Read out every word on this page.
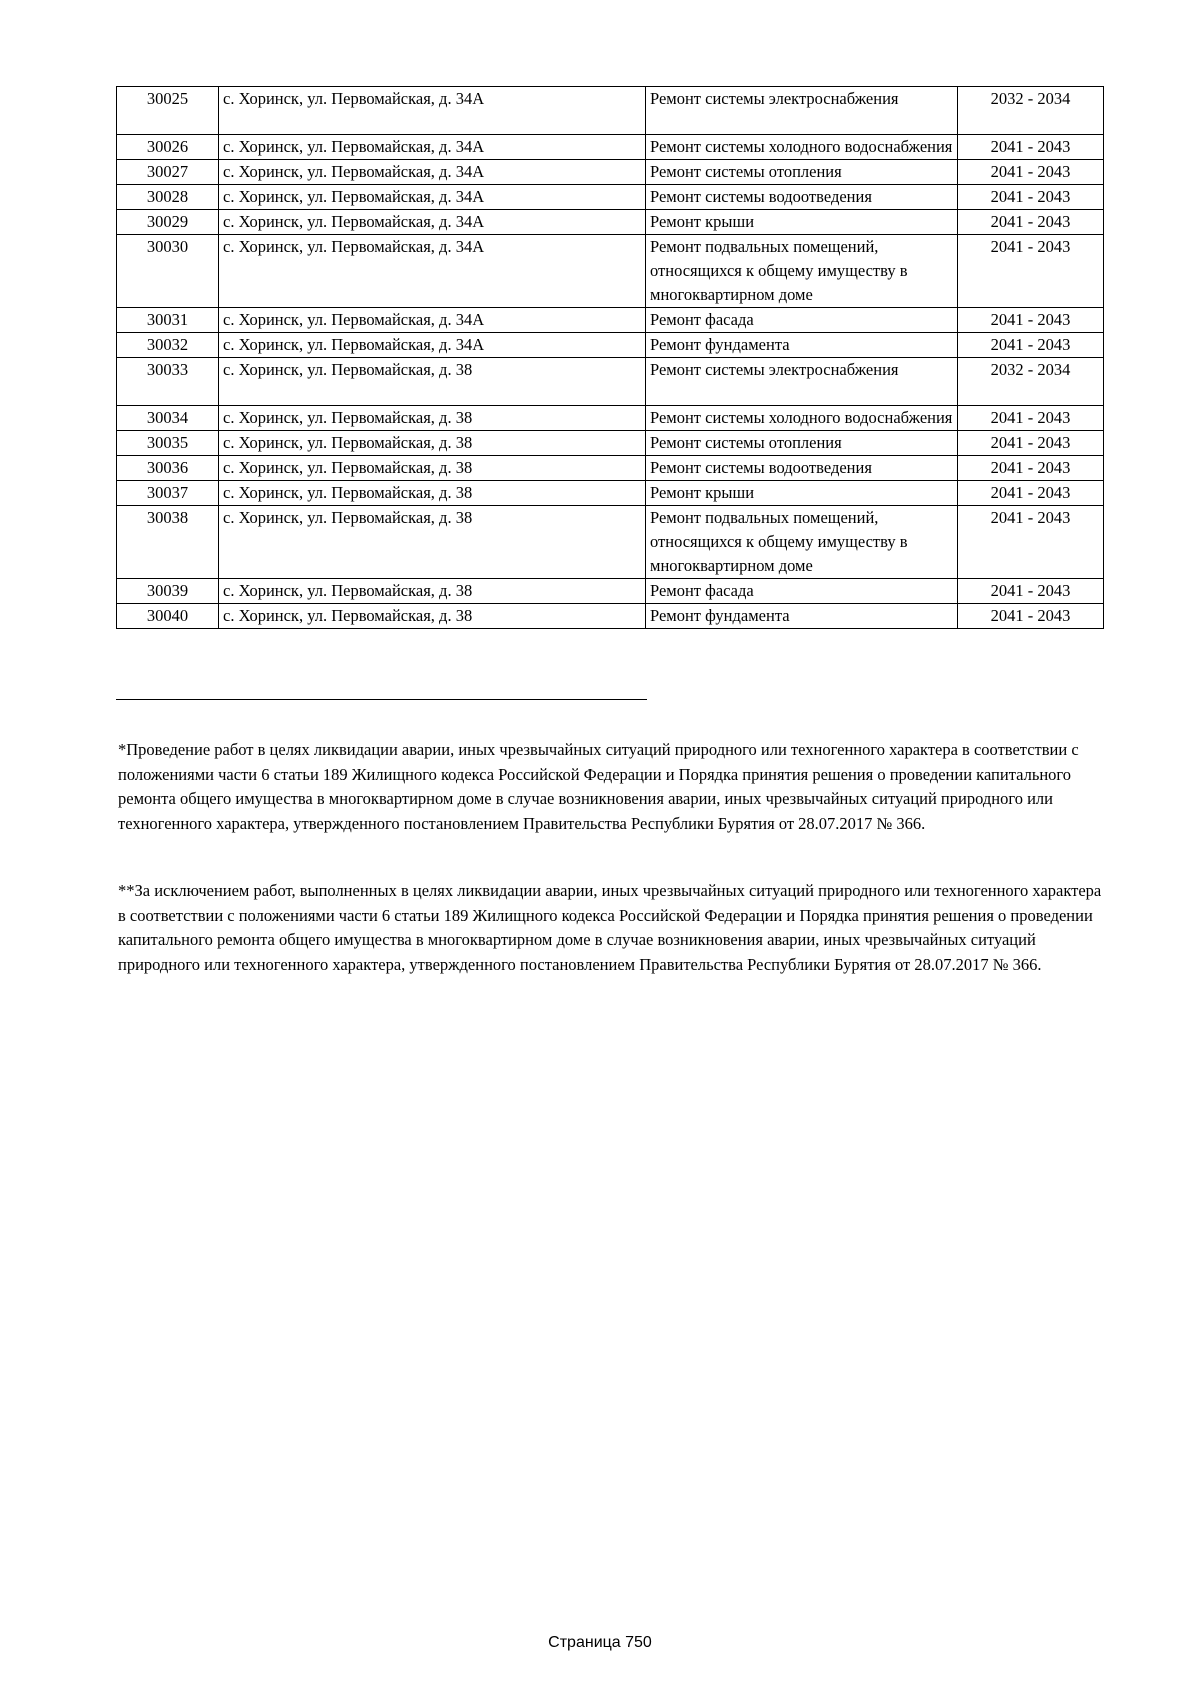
30025	с. Хоринск, ул. Первомайская, д. 34А	Ремонт системы электроснабжения	2032 - 2034
30026	с. Хоринск, ул. Первомайская, д. 34А	Ремонт системы холодного водоснабжения	2041 - 2043
30027	с. Хоринск, ул. Первомайская, д. 34А	Ремонт системы отопления	2041 - 2043
30028	с. Хоринск, ул. Первомайская, д. 34А	Ремонт системы водоотведения	2041 - 2043
30029	с. Хоринск, ул. Первомайская, д. 34А	Ремонт крыши	2041 - 2043
30030	с. Хоринск, ул. Первомайская, д. 34А	Ремонт подвальных помещений, относящихся к общему имуществу в многоквартирном доме	2041 - 2043
30031	с. Хоринск, ул. Первомайская, д. 34А	Ремонт фасада	2041 - 2043
30032	с. Хоринск, ул. Первомайская, д. 34А	Ремонт фундамента	2041 - 2043
30033	с. Хоринск, ул. Первомайская, д. 38	Ремонт системы электроснабжения	2032 - 2034
30034	с. Хоринск, ул. Первомайская, д. 38	Ремонт системы холодного водоснабжения	2041 - 2043
30035	с. Хоринск, ул. Первомайская, д. 38	Ремонт системы отопления	2041 - 2043
30036	с. Хоринск, ул. Первомайская, д. 38	Ремонт системы водоотведения	2041 - 2043
30037	с. Хоринск, ул. Первомайская, д. 38	Ремонт крыши	2041 - 2043
30038	с. Хоринск, ул. Первомайская, д. 38	Ремонт подвальных помещений, относящихся к общему имуществу в многоквартирном доме	2041 - 2043
30039	с. Хоринск, ул. Первомайская, д. 38	Ремонт фасада	2041 - 2043
30040	с. Хоринск, ул. Первомайская, д. 38	Ремонт фундамента	2041 - 2043

*Проведение работ в целях ликвидации аварии, иных чрезвычайных ситуаций природного или техногенного характера в соответствии с положениями части 6 статьи 189 Жилищного кодекса Российской Федерации и Порядка принятия решения о проведении капитального ремонта общего имущества в многоквартирном доме в случае возникновения аварии, иных чрезвычайных ситуаций природного или техногенного характера, утвержденного постановлением Правительства Республики Бурятия от 28.07.2017 № 366.

**За исключением работ, выполненных в целях ликвидации аварии, иных чрезвычайных ситуаций природного или техногенного характера в соответствии с положениями части 6 статьи 189 Жилищного кодекса Российской Федерации и Порядка принятия решения о проведении капитального ремонта общего имущества в многоквартирном доме в случае возникновения аварии, иных чрезвычайных ситуаций природного или техногенного характера, утвержденного постановлением Правительства Республики Бурятия от 28.07.2017 № 366.

Страница 750
